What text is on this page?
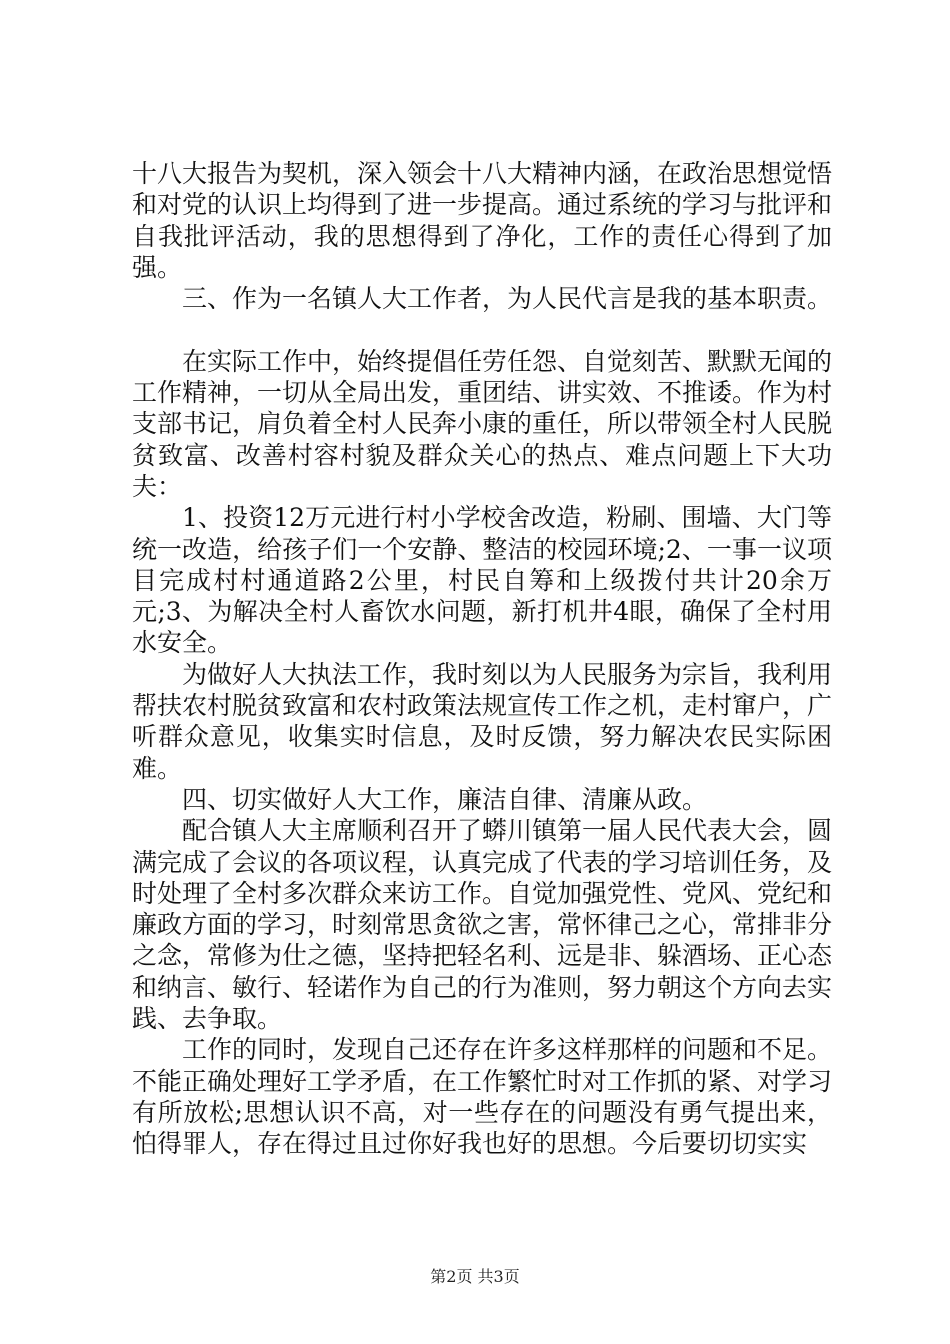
十八大报告为契机，深入领会十八大精神内涵，在政治思想觉悟和对党的认识上均得到了进一步提高。通过系统的学习与批评和自我批评活动，我的思想得到了净化，工作的责任心得到了加强。

三、作为一名镇人大工作者，为人民代言是我的基本职责。

在实际工作中，始终提倡任劳任怨、自觉刻苦、默默无闻的工作精神，一切从全局出发，重团结、讲实效、不推诿。作为村支部书记，肩负着全村人民奔小康的重任，所以带领全村人民脱贫致富、改善村容村貌及群众关心的热点、难点问题上下大功夫：

1、投资12万元进行村小学校舍改造，粉刷、围墙、大门等统一改造，给孩子们一个安静、整洁的校园环境;2、一事一议项目完成村村通道路2公里，村民自筹和上级拨付共计20余万元;3、为解决全村人畜饮水问题，新打机井4眼，确保了全村用水安全。

为做好人大执法工作，我时刻以为人民服务为宗旨，我利用帮扶农村脱贫致富和农村政策法规宣传工作之机，走村窜户，广听群众意见，收集实时信息，及时反馈，努力解决农民实际困难。

四、切实做好人大工作，廉洁自律、清廉从政。

配合镇人大主席顺利召开了蟒川镇第一届人民代表大会，圆满完成了会议的各项议程，认真完成了代表的学习培训任务，及时处理了全村多次群众来访工作。自觉加强党性、党风、党纪和廉政方面的学习，时刻常思贪欲之害，常怀律己之心，常排非分之念，常修为仕之德，坚持把轻名利、远是非、躲酒场、正心态和纳言、敏行、轻诺作为自己的行为准则，努力朝这个方向去实践、去争取。

工作的同时，发现自己还存在许多这样那样的问题和不足。不能正确处理好工学矛盾，在工作繁忙时对工作抓的紧、对学习有所放松;思想认识不高，对一些存在的问题没有勇气提出来，怕得罪人，存在得过且过你好我也好的思想。今后要切切实实

第2页 共3页
